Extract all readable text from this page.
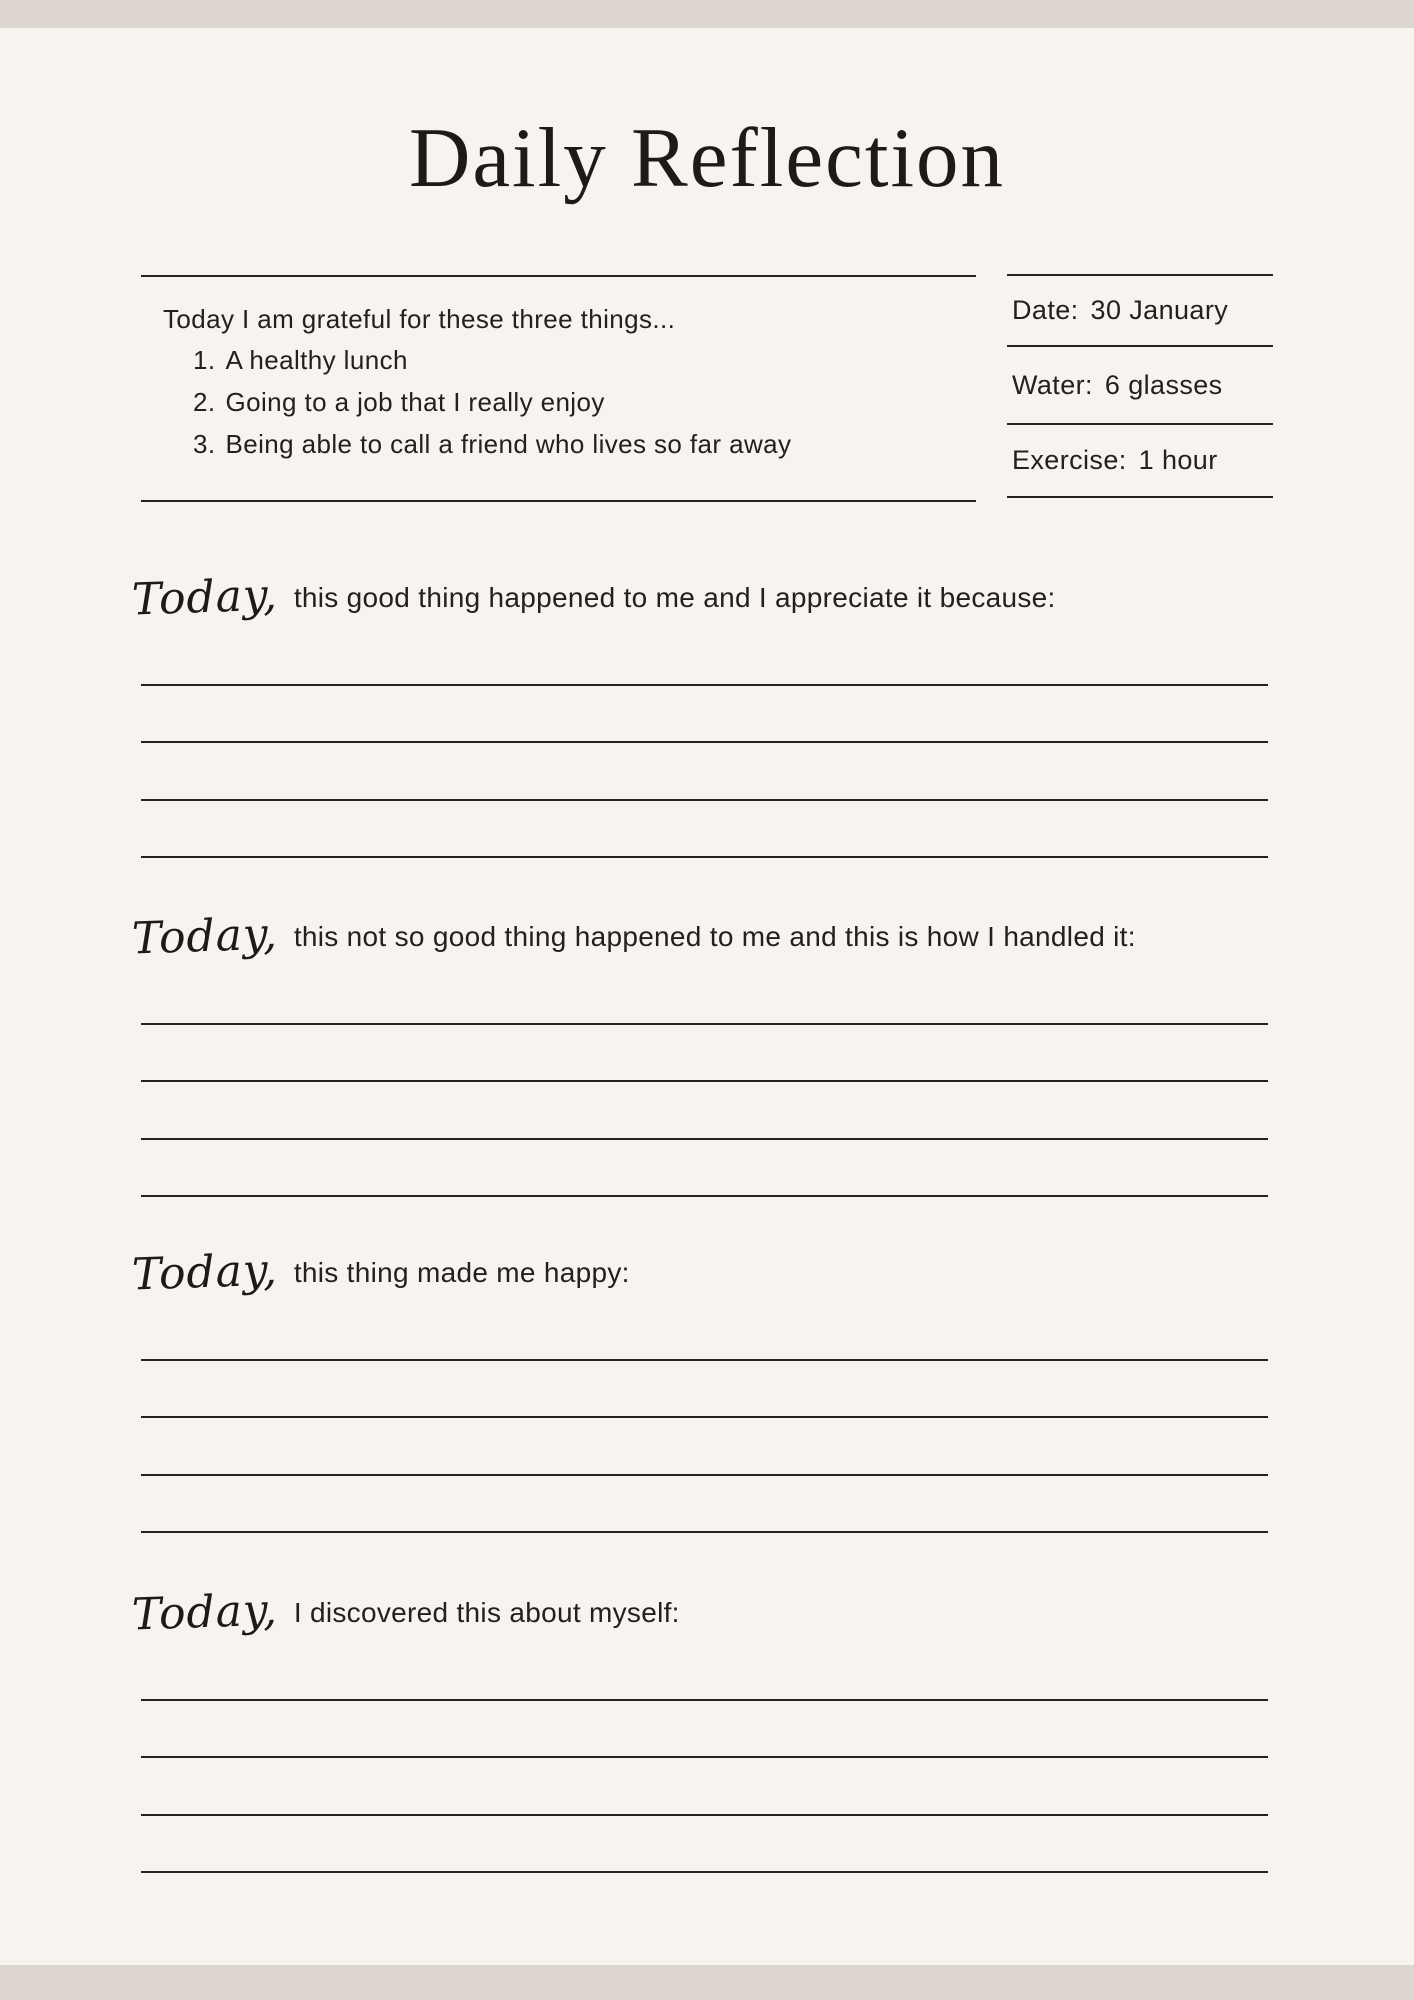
Daily Reflection
Today I am grateful for these three things...
1. A healthy lunch
2. Going to a job that I really enjoy
3. Being able to call a friend who lives so far away
Date: 30 January
Water: 6 glasses
Exercise: 1 hour
Today, this good thing happened to me and I appreciate it because:
Today, this not so good thing happened to me and this is how I handled it:
Today, this thing made me happy:
Today, I discovered this about myself:
